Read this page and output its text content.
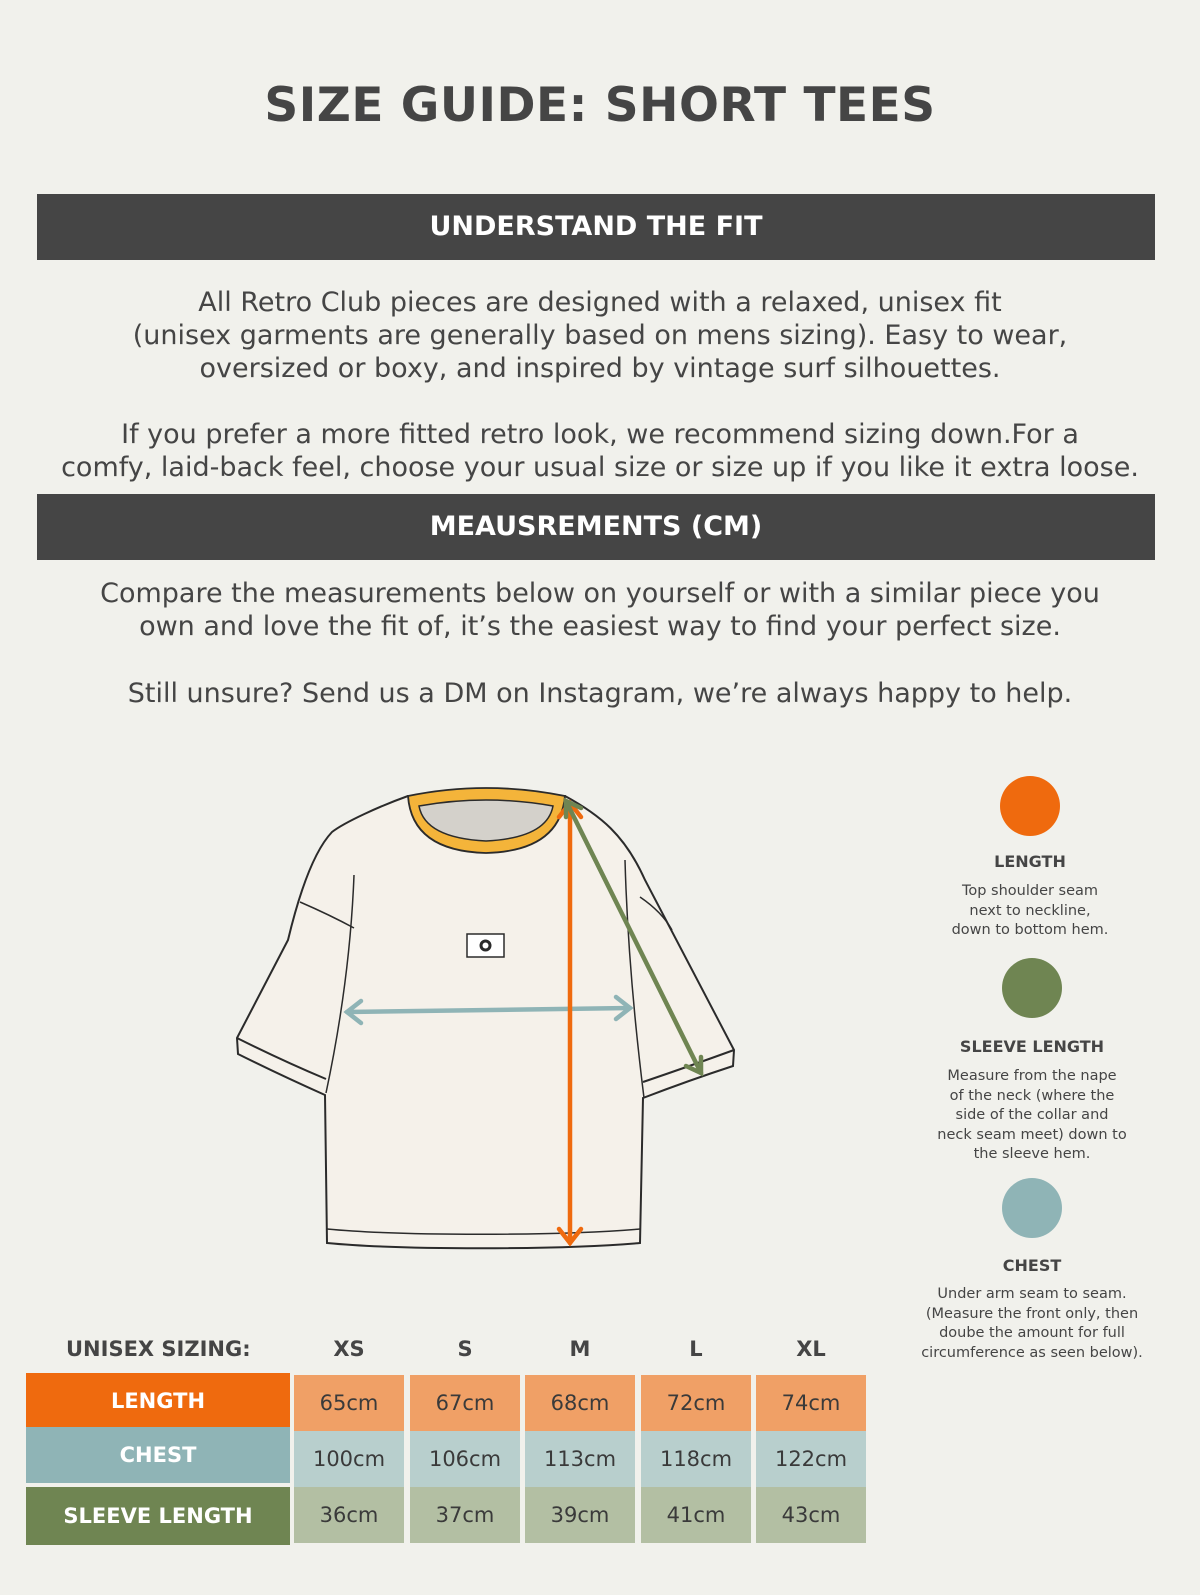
SIZE GUIDE: SHORT TEES
UNDERSTAND THE FIT
All Retro Club pieces are designed with a relaxed, unisex fit
(unisex garments are generally based on mens sizing). Easy to wear,
oversized or boxy, and inspired by vintage surf silhouettes.
If you prefer a more fitted retro look, we recommend sizing down.For a
comfy, laid-back feel, choose your usual size or size up if you like it extra loose.
MEAUSREMENTS (CM)
Compare the measurements below on yourself or with a similar piece you
own and love the fit of, it’s the easiest way to find your perfect size.
Still unsure? Send us a DM on Instagram, we’re always happy to help.
LENGTH
Top shoulder seam
next to neckline,
down to bottom hem.
SLEEVE LENGTH
Measure from the nape
of the neck (where the
side of the collar and
neck seam meet) down to
the sleeve hem.
CHEST
Under arm seam to seam.
(Measure the front only, then
doube the amount for full
circumference as seen below).
UNISEX SIZING:	XS	S	M	L	XL
LENGTH	65cm	67cm	68cm	72cm	74cm
CHEST	100cm	106cm	113cm	118cm	122cm
SLEEVE LENGTH	36cm	37cm	39cm	41cm	43cm
